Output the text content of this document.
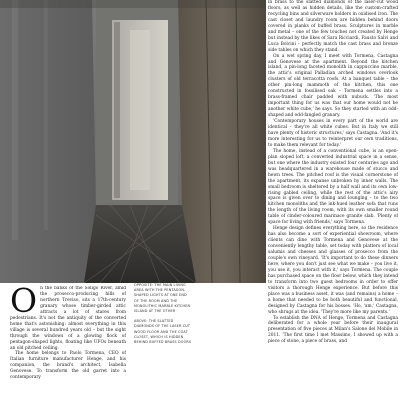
in brass to the slatted diamonds of the laser-cut wood floors, as well as hidden details, like the custom-crafted recycling bins and silverware holders in oxidised iron. The cast closet and laundry room are hidden behind doors covered in planks of buffed brass. Sculptures in marble and metal – one of the few touches not created by Henge but instead by the likes of Sara Ricciardi, Fausto Salvi and Luca Bolcini – perfectly match the cast brass and bronze side tables on which they stand.

On a wet spring day, I meet with Tormena, Castagna and Genovese at the apartment. Beyond the kitchen island, a pin-long faceted monolith in cappuccino marble, the attic's original Palladian arched windows overlook clusters of old terracotta roofs. At a banquet table – the other pin-long mammoth of the kitchen, this one constructed in fossilised oak – Tormena settles into a brass-framed chair padded with nubuck. 'The most important thing for us was that our home would not be another white cube,' he says. So they started with an odd-shaped and odd-fangled granary.

'Contemporary houses in every part of the world are identical – they're all white cubes. But in Italy we still have plenty of historic structures,' says Castagna. 'And it's more interesting for us to reinterpret our own traditions, to make them relevant for today.'

The home, instead of a conventional cube, is an open-plan sloped loft, a converted industrial space in a sense, but one where the industry existed four centuries ago and was headquartered in a warehouse made of stucco and hewn trees. The pitched roof is the visual cornerstone of the apartment, its expanse unbroken by inner walls. The small bedroom is sheltered by a half wall and its own low-rising gabled ceiling, while the rest of the attic's airy space is given over to dining and lounging – to the two kitchen monoliths and the ink-hued leather sofa that runs the length of the living room, with its own smaller round table of cinder-coloured marinace granite slab. 'Plenty of space for living with friends,' says Tormena.

Henge design defines everything here, so the residence has also become a sort of experiential showroom, where clients can dine with Tormena and Genovese at the conveniently lengthy table, set today with platters of local salumis and cheeses and glasses of prosecco from the couple's own vineyard. 'It's important to do these dinners here, where you don't just see what we make – you live it, you use it, you interact with it,' says Tormena. The couple has purchased space on the floor below, which they intend to transform into two guest bedrooms in order to offer visitors a thorough Henge experience. But before this place was a business asset, it was (and remains) a home – a home that needed to be both beautiful and functional, designed by Castagna for his bosses. 'Ho, 'am,' Castagna, who shrugs at the idea. 'They're more like my parents.'

To establish the DNA of Henge, Tormena and Castagna deliberated for a whole year before their inaugural presentation of five pieces at Milan's Salone del Mobile in 2011. 'The first time I met Massimo, I showed up with a piece of stone, a piece of brass, and

O n the banks of the Soligo River, amid the prosecco-producing hills of northern Treviso, sits a 17th-century granary whose timber-girded attic attracts a lot of stares from pedestrians. It's not the antiquity of the converted home that's astonishing: almost everything in this village is several hundred years old – but the sight through the windows of a glowing flock of pentagon-shaped lights, floating like UFOs beneath an old pitched ceiling.

The home belongs to Paolo Tormena, CEO of Italian furniture manufacturer Henge, and his companion, the brand's architect, Isabella Genovese. To transform the old garret into a contemporary

OPPOSITE: THE MAIN LIVING

AREA WITH THE PENTAGON-

SHAPED LIGHTS AT ONE END

OF THE ROOM AND THE

MONOLITHIC MARBLE KITCHEN

ISLAND AT THE OTHER

ABOVE: THE SLATTED

DIAMONDS OF THE LASER-CUT

WOOD FLOOR AND THE COAT

CLOSET, WHICH IS HIDDEN

BEHIND BUFFED BRASS DOORS
